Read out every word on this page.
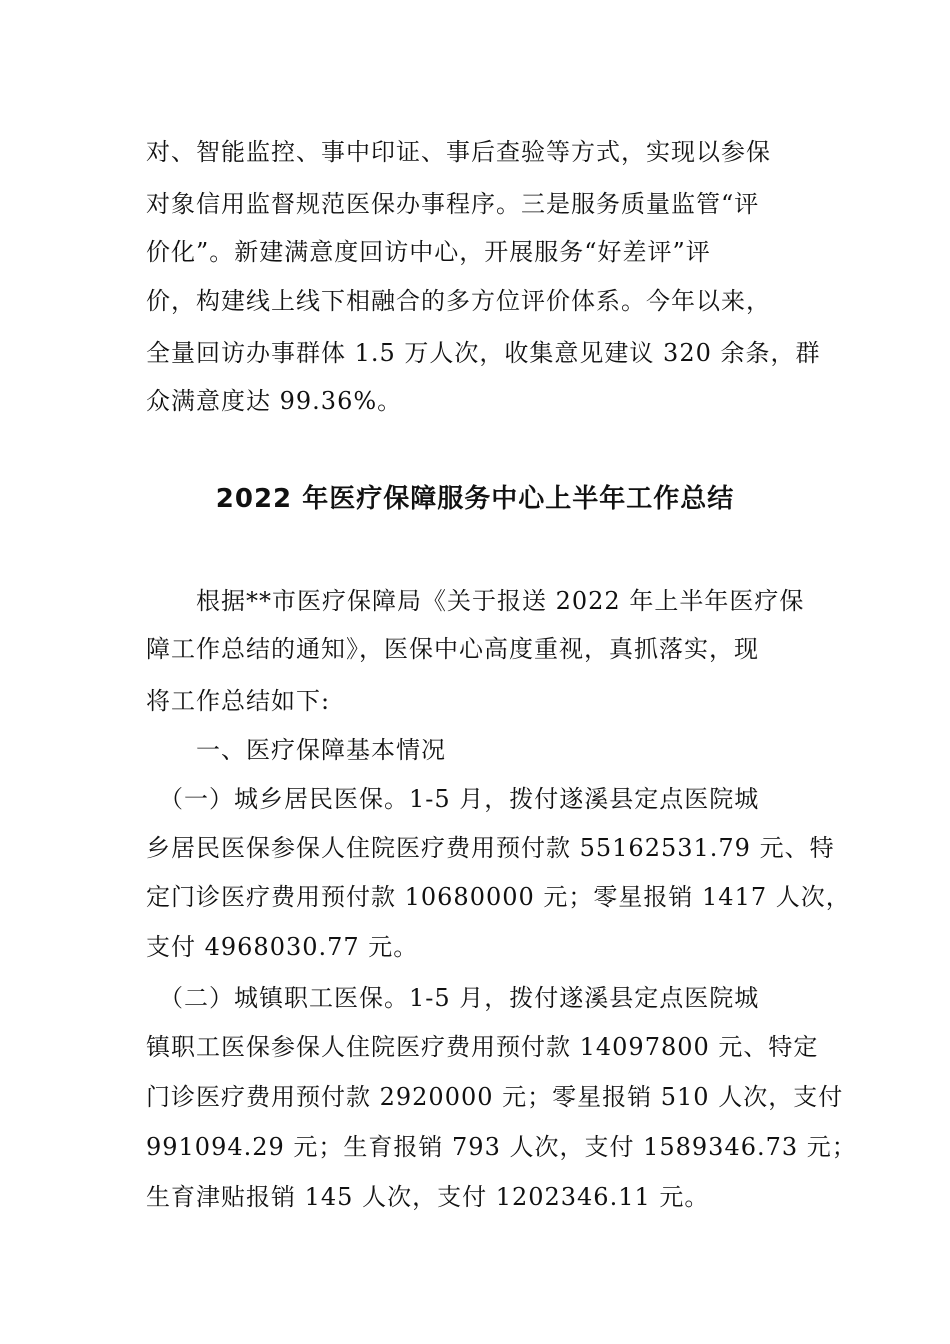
对、智能监控、事中印证、事后查验等方式，实现以参保
对象信用监督规范医保办事程序。三是服务质量监管“评
价化”。新建满意度回访中心，开展服务“好差评”评
价，构建线上线下相融合的多方位评价体系。今年以来，
全量回访办事群体 1.5 万人次，收集意见建议 320 余条，群
众满意度达 99.36%。
2022 年医疗保障服务中心上半年工作总结
　　根据**市医疗保障局《关于报送 2022 年上半年医疗保
障工作总结的通知》，医保中心高度重视，真抓落实，现
将工作总结如下:
　　一、医疗保障基本情况
　（一）城乡居民医保。1-5 月，拨付遂溪县定点医院城
乡居民医保参保人住院医疗费用预付款 55162531.79 元、特
定门诊医疗费用预付款 10680000 元；零星报销 1417 人次，
支付 4968030.77 元。
　（二）城镇职工医保。1-5 月，拨付遂溪县定点医院城
镇职工医保参保人住院医疗费用预付款 14097800 元、特定
门诊医疗费用预付款 2920000 元；零星报销 510 人次，支付
991094.29 元；生育报销 793 人次，支付 1589346.73 元；
生育津贴报销 145 人次，支付 1202346.11 元。
